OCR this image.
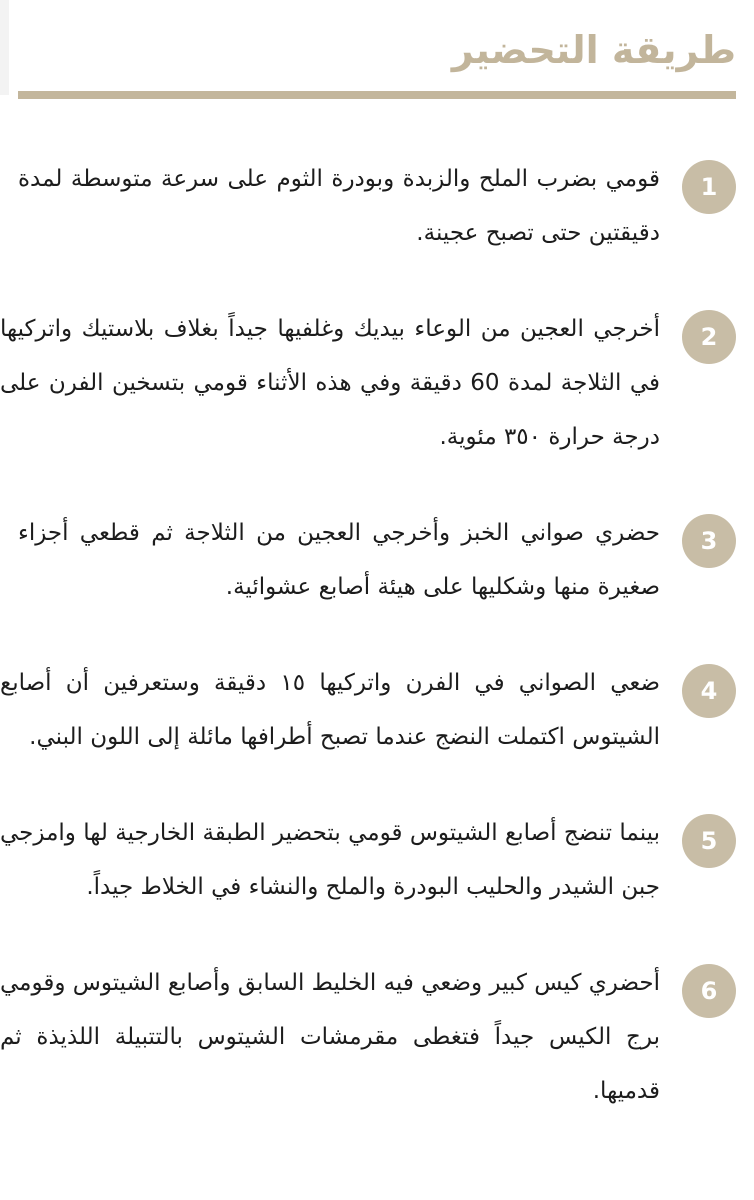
طريقة التحضير
1

قومي بضرب الملح والزبدة وبودرة الثوم على سرعة متوسطة لمدة دقيقتين حتى تصبح عجينة.

2

أخرجي العجين من الوعاء بيديك وغلفيها جيداً بغلاف بلاستيك واتركيها في الثلاجة لمدة 60 دقيقة وفي هذه الأثناء قومي بتسخين الفرن على درجة حرارة ٣٥٠ مئوية.

3

حضري صواني الخبز وأخرجي العجين من الثلاجة ثم قطعي أجزاء صغيرة منها وشكليها على هيئة أصابع عشوائية.

4

ضعي الصواني في الفرن واتركيها ١٥ دقيقة وستعرفين أن أصابع الشيتوس اكتملت النضج عندما تصبح أطرافها مائلة إلى اللون البني.

5

بينما تنضج أصابع الشيتوس قومي بتحضير الطبقة الخارجية لها وامزجي جبن الشيدر والحليب البودرة والملح والنشاء في الخلاط جيداً.

6

أحضري كيس كبير وضعي فيه الخليط السابق وأصابع الشيتوس وقومي برج الكيس جيداً فتغطى مقرمشات الشيتوس بالتتبيلة اللذيذة ثم قدميها.
